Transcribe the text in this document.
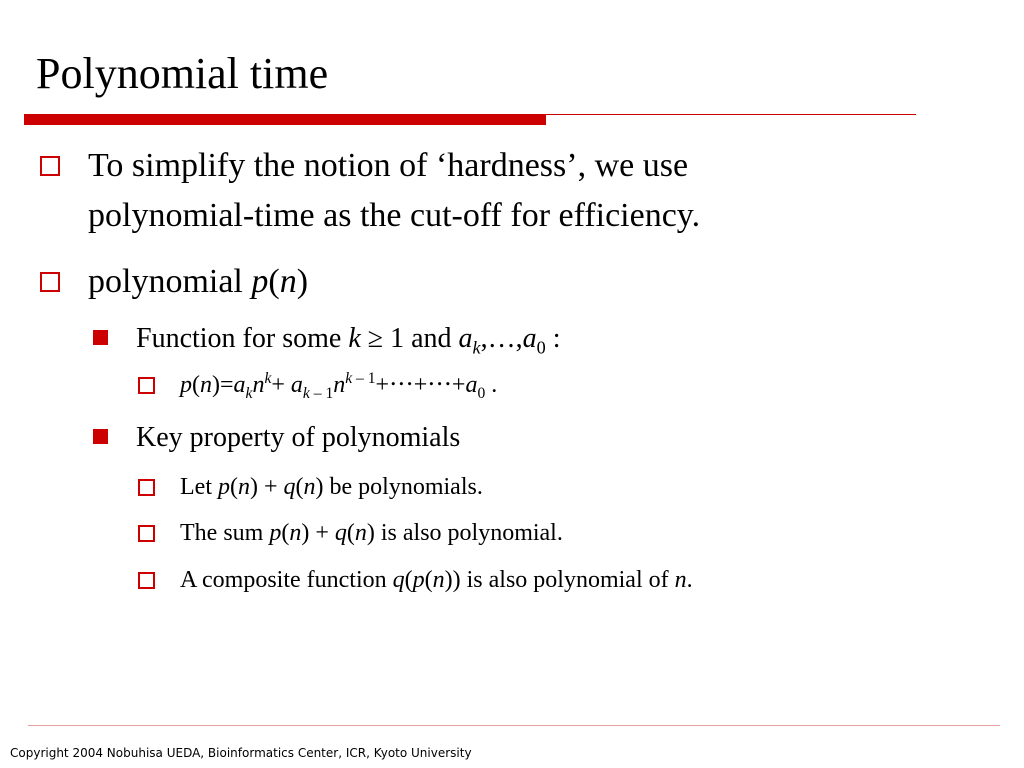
Polynomial time
To simplify the notion of ‘hardness’, we use
polynomial-time as the cut-off for efficiency.
polynomial p(n)
Function for some k ≥ 1 and $a_k,\dots,a_0$ :
$p(n)=a_kn^k+ a_{k - 1}n^{k - 1}+\cdot\cdot\cdot+\cdot\cdot\cdot+a_0$ .
Key property of polynomials
Let p(n) + q(n) be polynomials.
The sum p(n) + q(n) is also polynomial.
A composite function q(p(n)) is also polynomial of n.
Copyright 2004 Nobuhisa UEDA, Bioinformatics Center, ICR, Kyoto University
